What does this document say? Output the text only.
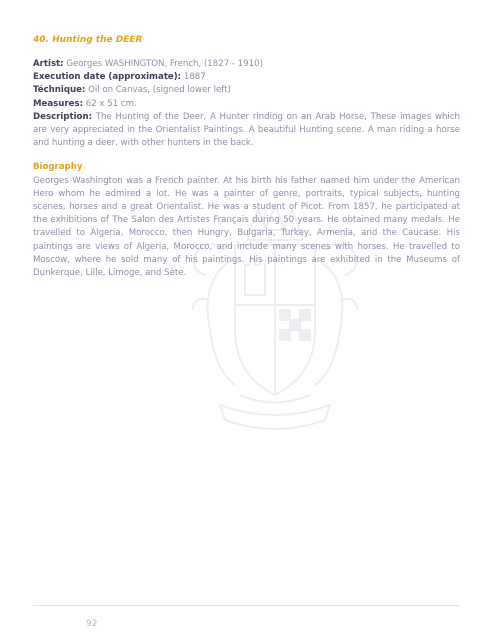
40. Hunting the DEER

Artist: Georges WASHINGTON, French, (1827 - 1910)

Execution date (approximate): 1887

Téchnique: Oil on Canvas, (signed lower left)

Measures: 62 x 51 cm.

Description: The Hunting of the Deer, A Hunter rinding on an Arab Horse, These images which are very appreciated in the Orientalist Paintings. A beautiful Hunting scene. A man riding a horse and hunting a deer, with other hunters in the back.

Biography

Georges Washington was a French painter. At his birth his father named him under the American Hero whom he admired a lot. He was a painter of genre, portraits, typical subjects, hunting scenes, horses and a great Orientalist. He was a student of Picot. From 1857, he participated at the exhibitions of The Salon des Artistes Français during 50 years. He obtained many medals. He travelled to Algeria, Morocco, then Hungry, Bulgaria, Turkey, Armenia, and the Caucase. His paintings are views of Algeria, Morocco, and include many scenes with horses. He travelled to Moscow, where he sold many of his paintings. His paintings are exhibited in the Museums of Dunkerque, Lille, Limoge, and Sète.

92
